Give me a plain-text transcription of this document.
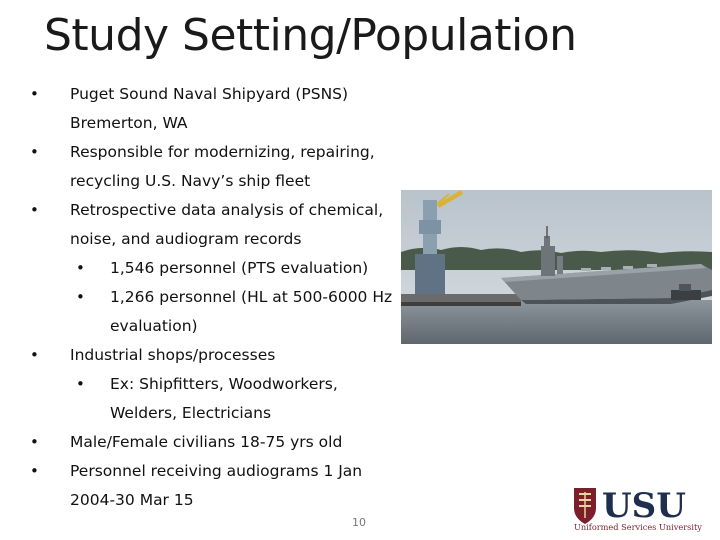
Study Setting/Population
• Puget Sound Naval Shipyard (PSNS)
Bremerton, WA
• Responsible for modernizing, repairing,
recycling U.S. Navy’s ship fleet
• Retrospective data analysis of chemical,
noise, and audiogram records
• 1,546 personnel (PTS evaluation)
• 1,266 personnel (HL at 500-6000 Hz
evaluation)
• Industrial shops/processes
• Ex: Shipfitters, Woodworkers,
Welders, Electricians
• Male/Female civilians 18-75 yrs old
• Personnel receiving audiograms 1 Jan
2004-30 Mar 15
10	USU
Uniformed Services University
